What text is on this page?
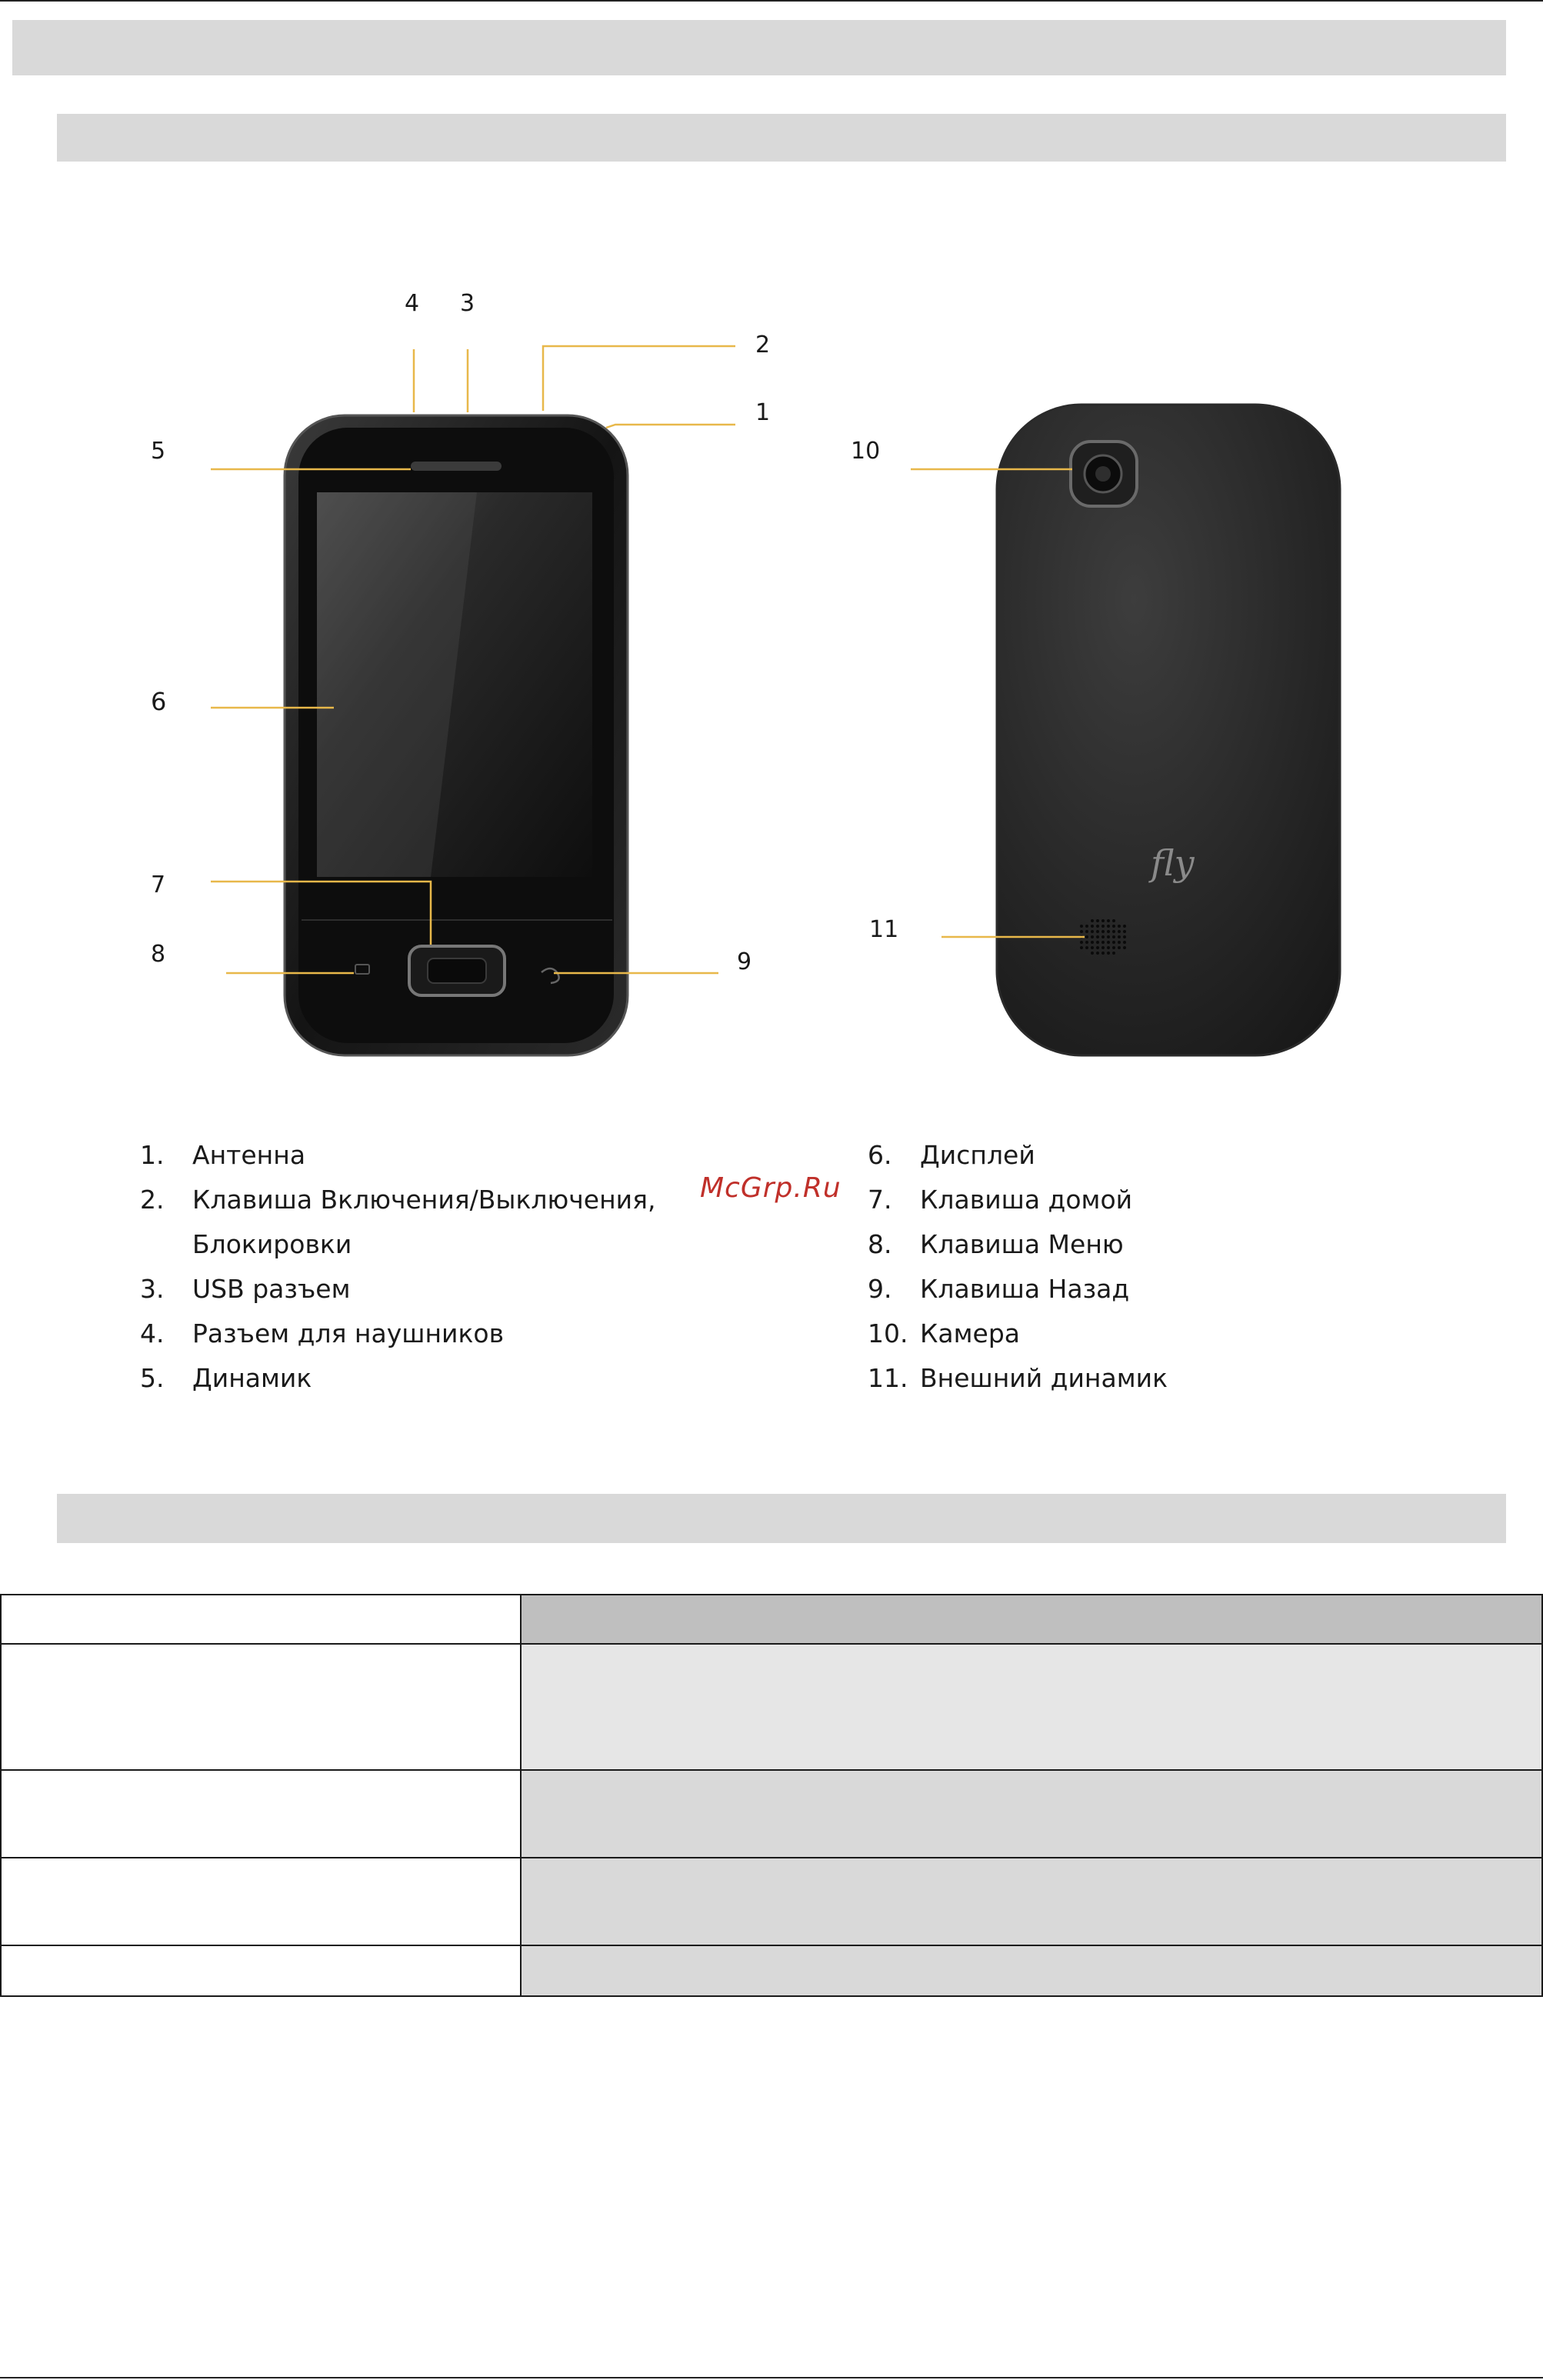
fly
4 3
2
1
5	10
6
7
8	9
11
1. Антенна
2. Клавиша Включения/Выключения,
Блокировки
3. USB разъем
4. Разъем для наушников
5. Динамик
6. Дисплей
7. Клавиша домой
8. Клавиша Меню
9. Клавиша Назад
10. Камера
11. Внешний динамик
McGrp.Ru
